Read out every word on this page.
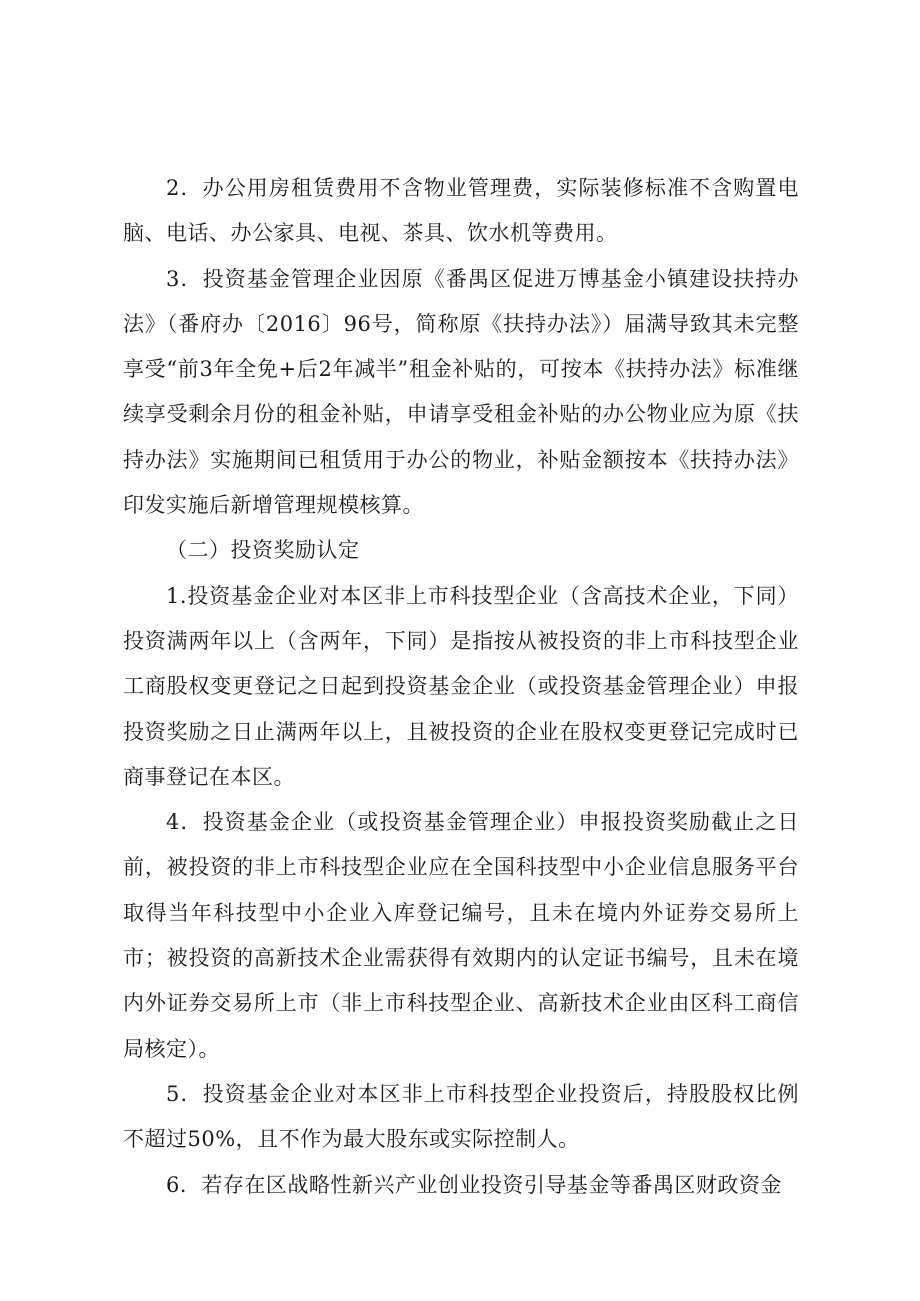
2．办公用房租赁费用不含物业管理费，实际装修标准不含购置电脑、电话、办公家具、电视、茶具、饮水机等费用。

3．投资基金管理企业因原《番禺区促进万博基金小镇建设扶持办法》（番府办〔2016〕96号，简称原《扶持办法》）届满导致其未完整享受“前3年全免+后2年减半”租金补贴的，可按本《扶持办法》标准继续享受剩余月份的租金补贴，申请享受租金补贴的办公物业应为原《扶持办法》实施期间已租赁用于办公的物业，补贴金额按本《扶持办法》印发实施后新增管理规模核算。

（二）投资奖励认定

1.投资基金企业对本区非上市科技型企业（含高技术企业，下同）投资满两年以上（含两年，下同）是指按从被投资的非上市科技型企业工商股权变更登记之日起到投资基金企业（或投资基金管理企业）申报投资奖励之日止满两年以上，且被投资的企业在股权变更登记完成时已商事登记在本区。

4．投资基金企业（或投资基金管理企业）申报投资奖励截止之日前，被投资的非上市科技型企业应在全国科技型中小企业信息服务平台取得当年科技型中小企业入库登记编号，且未在境内外证券交易所上市；被投资的高新技术企业需获得有效期内的认定证书编号，且未在境内外证券交易所上市（非上市科技型企业、高新技术企业由区科工商信局核定）。

5．投资基金企业对本区非上市科技型企业投资后，持股股权比例不超过50%，且不作为最大股东或实际控制人。

6．若存在区战略性新兴产业创业投资引导基金等番禺区财政资金
